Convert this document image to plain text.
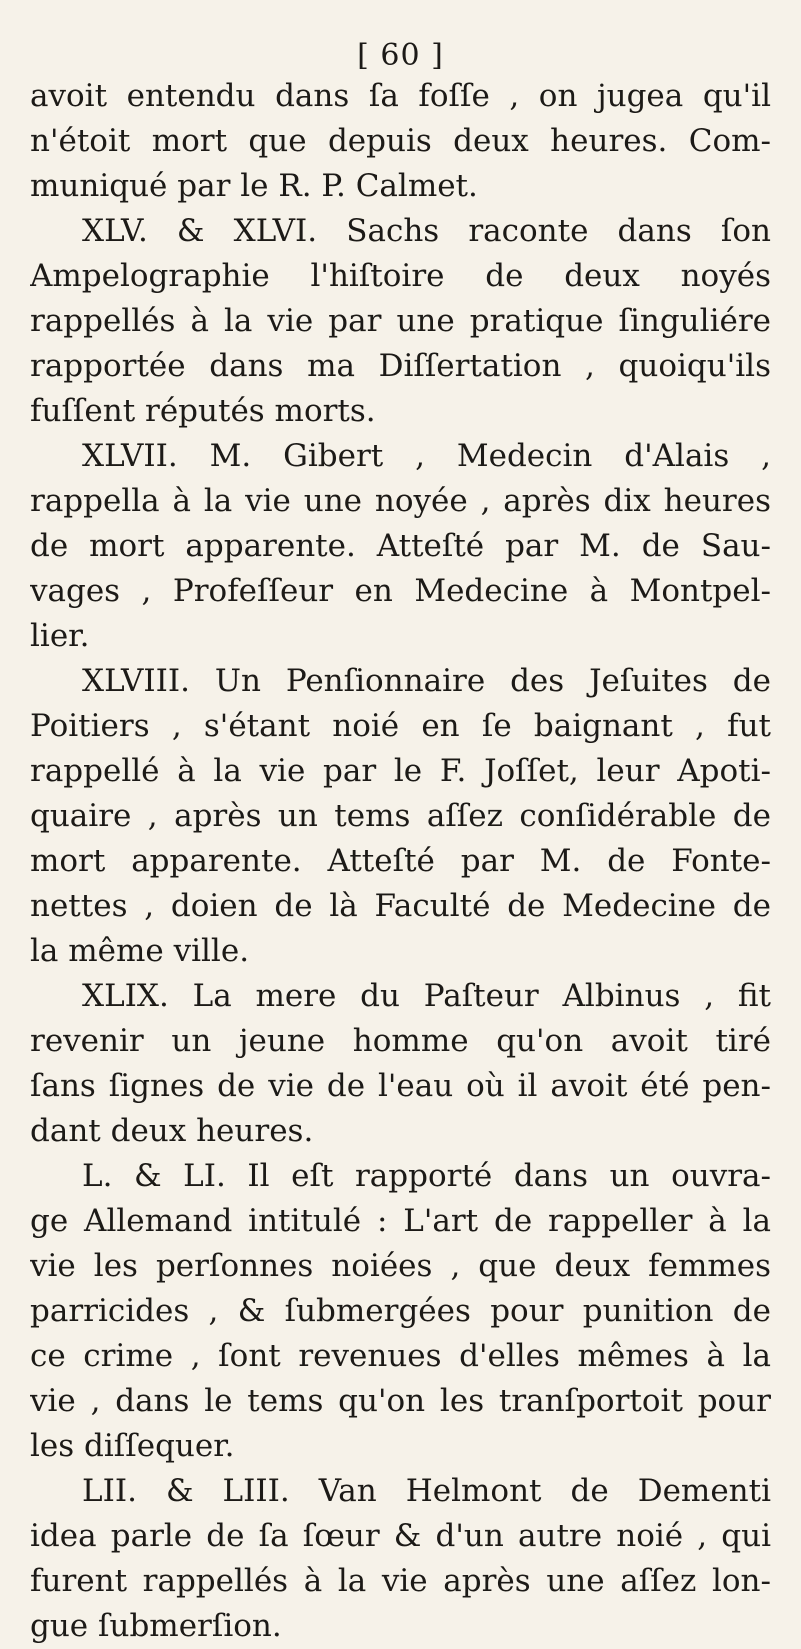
[ 60 ]
avoit entendu dans ſa foſſe , on jugea qu'il
n'étoit mort que depuis deux heures. Com-
muniqué par le R. P. Calmet.
XLV. & XLVI. Sachs raconte dans ſon
Ampelographie l'hiſtoire de deux noyés
rappellés à la vie par une pratique ſinguliére
rapportée dans ma Diſſertation , quoiqu'ils
fuſſent réputés morts.
XLVII. M. Gibert , Medecin d'Alais ,
rappella à la vie une noyée , après dix heures
de mort apparente. Atteſté par M. de Sau-
vages , Profeſſeur en Medecine à Montpel-
lier.
XLVIII. Un Penſionnaire des Jeſuites de
Poitiers , s'étant noié en ſe baignant , fut
rappellé à la vie par le F. Joſſet, leur Apoti-
quaire , après un tems aſſez conſidérable de
mort apparente. Atteſté par M. de Fonte-
nettes , doien de là Faculté de Medecine de
la même ville.
XLIX. La mere du Paſteur Albinus , fit
revenir un jeune homme qu'on avoit tiré
ſans ſignes de vie de l'eau où il avoit été pen-
dant deux heures.
L. & LI. Il eſt rapporté dans un ouvra-
ge Allemand intitulé : L'art de rappeller à la
vie les perſonnes noiées , que deux femmes
parricides , & ſubmergées pour punition de
ce crime , ſont revenues d'elles mêmes à la
vie , dans le tems qu'on les tranſportoit pour
les diſſequer.
LII. & LIII. Van Helmont de Dementi
idea parle de ſa ſœur & d'un autre noié , qui
furent rappellés à la vie après une aſſez lon-
gue ſubmerſion.
